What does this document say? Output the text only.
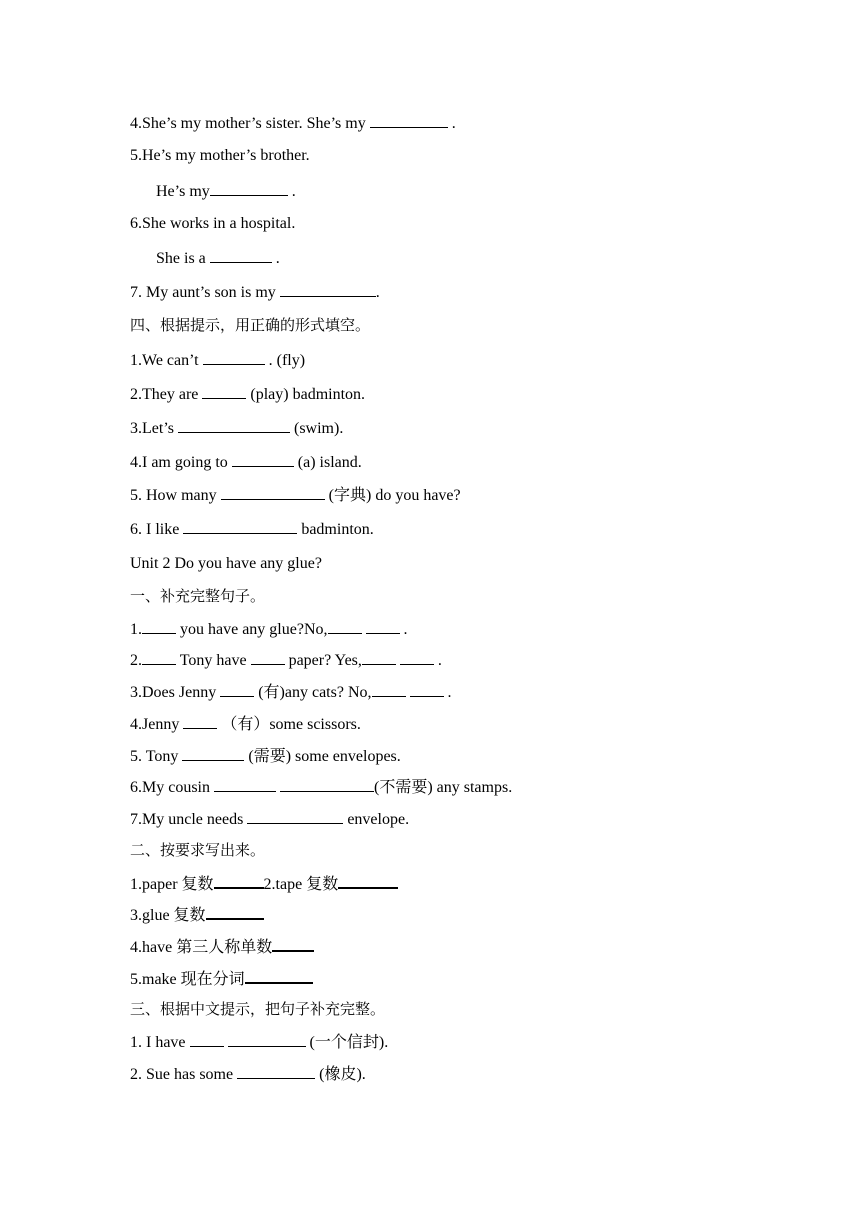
4.She’s my mother’s sister. She’s my	.
5.He’s my mother’s brother.
He’s my	.
6.She works in a hospital.
She is a	.
7. My aunt’s son is my	.
四、根据提示，用正确的形式填空。
1.We can’t	. (fly)
2.They are	(play) badminton.
3.Let’s	(swim).
4.I am going to	(a) island.
5. How many	(字典) do you have?
6. I like	badminton.
Unit 2 Do you have any glue?
一、补充完整句子。
1. you have any glue?No,	.
2. Tony have  paper? Yes,	.
3.Does Jenny  (有)any cats? No,	.
4.Jenny  （有）some scissors.
5. Tony	(需要) some envelopes.
6.My cousin	(不需要) any stamps.
7.My uncle needs	envelope.
二、按要求写出来。
1.paper 复数	2.tape 复数
3.glue 复数
4.have 第三人称单数
5.make 现在分词
三、根据中文提示，把句子补充完整。
1. I have	(一个信封).
2. Sue has some	(橡皮).
